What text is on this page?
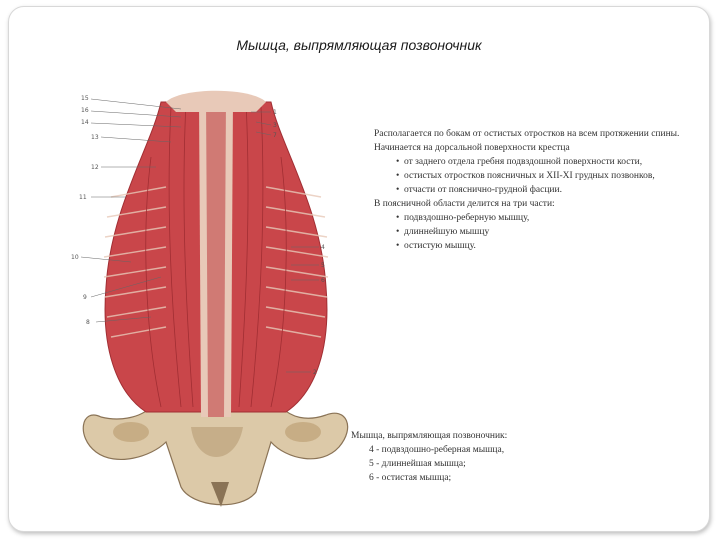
Мышца, выпрямляющая позвоночник
15
16
14
13
12
11
10
9
8
1
3
7
4
5
6
2

Располагается по бокам от остистых отростков на всем протяжении спины.

Начинается на дорсальной поверхности крестца

• от заднего отдела гребня подвздошной поверхности кости,
• остистых отростков поясничных и XII-XI грудных позвонков,
• отчасти от пояснично-грудной фасции.

В поясничной области делится на три части:

• подвздошно-реберную мышцу,
• длиннейшую мышцу
• остистую мышцу.
Мышца, выпрямляющая позвоночник:
4 - подвздошно-реберная мышца,
5 - длиннейшая мышца;
6 - остистая мышца;
